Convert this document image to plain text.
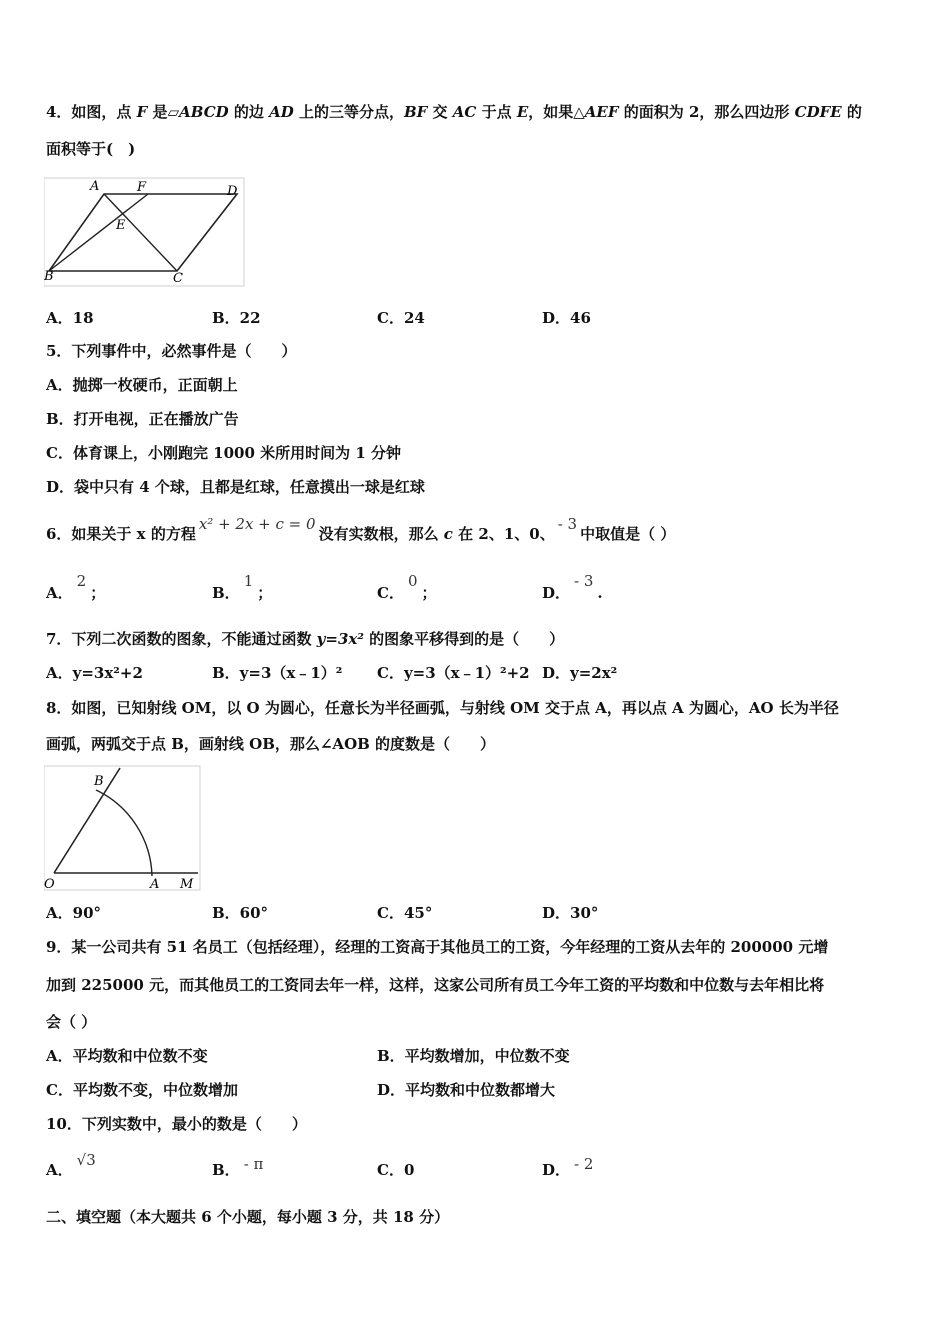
4．如图，点 F 是▱ABCD 的边 AD 上的三等分点，BF 交 AC 于点 E，如果△AEF 的面积为 2，那么四边形 CDFE 的
面积等于(　)
A	F	D
E
B	C
A．18	B．22	C．24	D．46
5．下列事件中，必然事件是（　　）
A．抛掷一枚硬币，正面朝上
B．打开电视，正在播放广告
C．体育课上，小刚跑完 1000 米所用时间为 1 分钟
D．袋中只有 4 个球，且都是红球，任意摸出一球是红球
6．如果关于 x 的方程x² + 2x + c = 0没有实数根，那么 c 在 2、1、0、- 3中取值是（ ）
A．2；	B．1；	C．0；	D．- 3.
7．下列二次函数的图象，不能通过函数 y=3x² 的图象平移得到的是（　　）
A．y=3x²+2	B．y=3（x﹣1）² C．y=3（x﹣1）²+2 D．y=2x²
8．如图，已知射线 OM，以 O 为圆心，任意长为半径画弧，与射线 OM 交于点 A，再以点 A 为圆心，AO 长为半径
画弧，两弧交于点 B，画射线 OB，那么∠AOB 的度数是（　　）
B
O	A M
A．90°	B．60°	C．45°	D．30°
9．某一公司共有 51 名员工（包括经理），经理的工资高于其他员工的工资，今年经理的工资从去年的 200000 元增
加到 225000 元，而其他员工的工资同去年一样，这样，这家公司所有员工今年工资的平均数和中位数与去年相比将
会（ ）
A．平均数和中位数不变	B．平均数增加，中位数不变
C．平均数不变，中位数增加	D．平均数和中位数都增大
10．下列实数中，最小的数是（　　）
A．√3
B． - π	C．0	D． - 2
二、填空题（本大题共 6 个小题，每小题 3 分，共 18 分）
